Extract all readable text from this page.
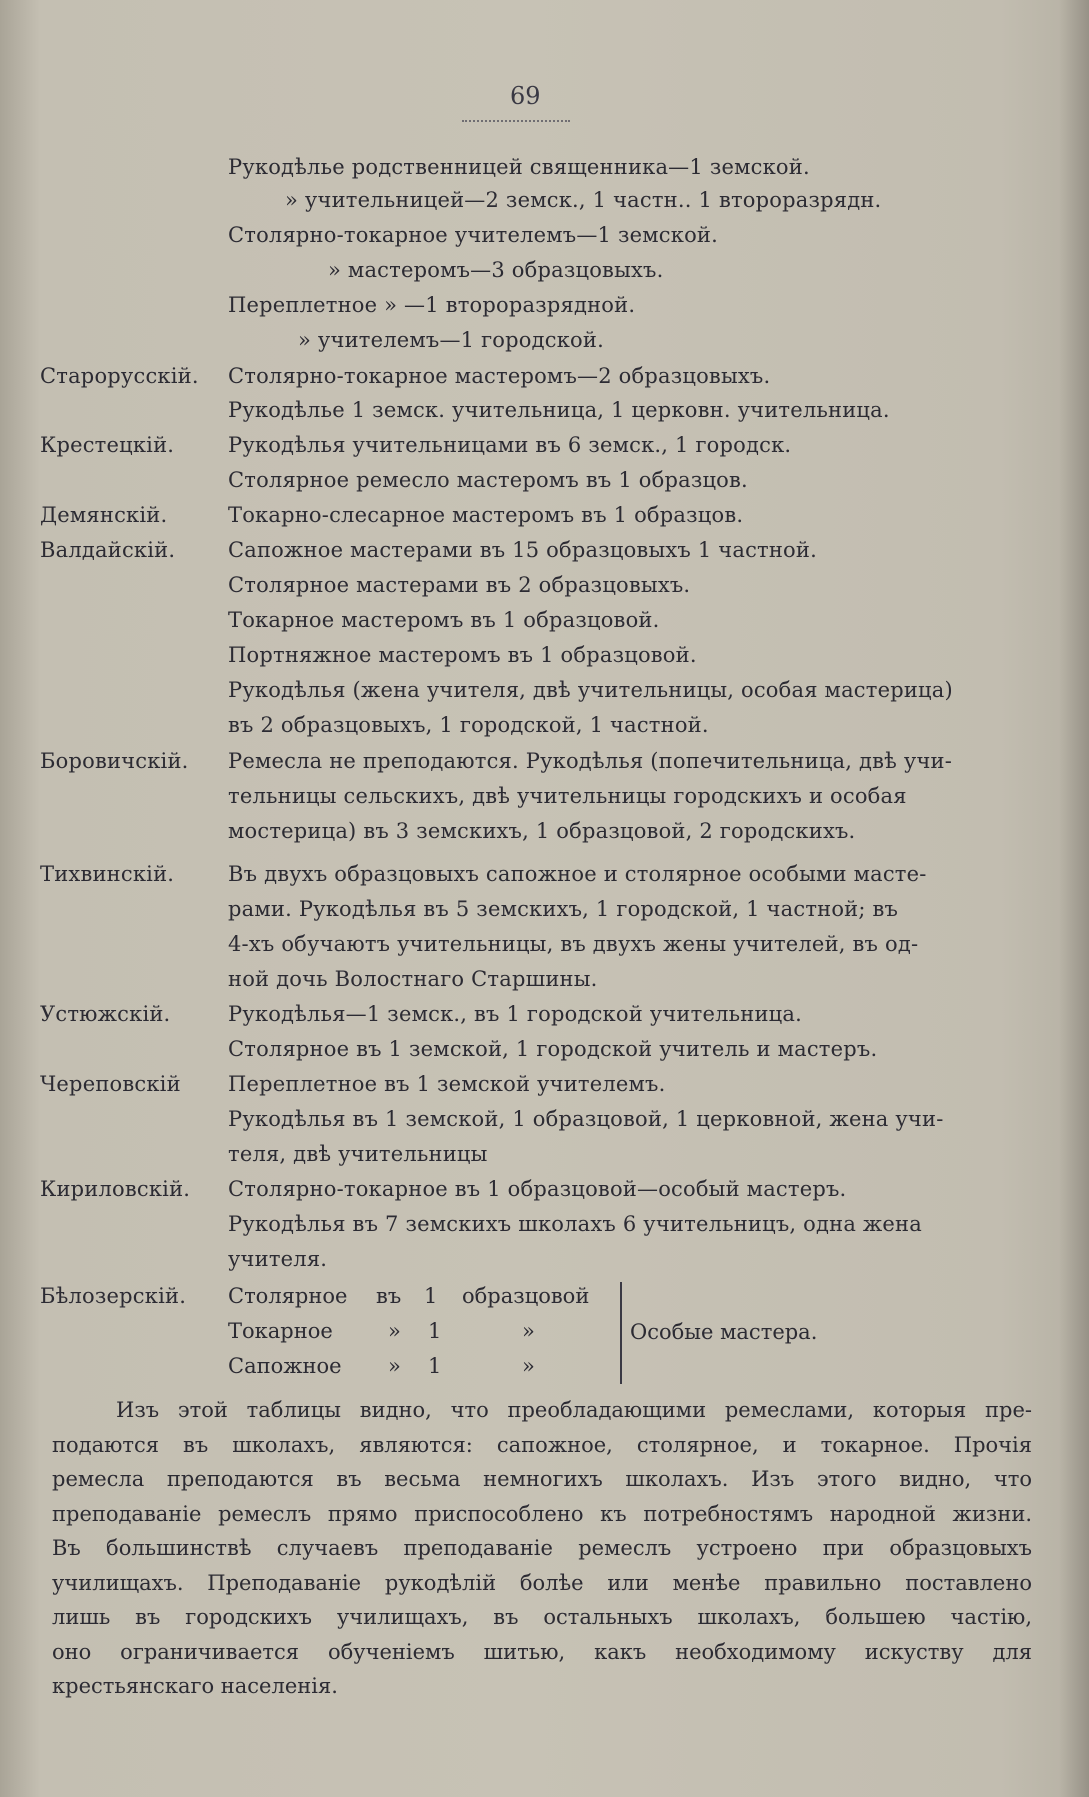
69
Рукодѣлье родственницей священника—1 земской.
» учительницей—2 земск., 1 частн.. 1 второразрядн.
Столярно-токарное учителемъ—1 земской.
» мастеромъ—3 образцовыхъ.
Переплетное » —1 второразрядной.
» учителемъ—1 городской.
Старорусскій. Столярно-токарное мастеромъ—2 образцовыхъ.
Рукодѣлье 1 земск. учительница, 1 церковн. учительница.
Крестецкій.	Рукодѣлья учительницами въ 6 земск., 1 городск.
Столярное ремесло мастеромъ въ 1 образцов.
Демянскій.	Токарно-слесарное мастеромъ въ 1 образцов.
Валдайскій.	Сапожное мастерами въ 15 образцовыхъ 1 частной.
Столярное мастерами въ 2 образцовыхъ.
Токарное мастеромъ въ 1 образцовой.
Портняжное мастеромъ въ 1 образцовой.
Рукодѣлья (жена учителя, двѣ учительницы, особая мастерица)
въ 2 образцовыхъ, 1 городской, 1 частной.
Боровичскій. Ремесла не преподаются. Рукодѣлья (попечительница, двѣ учи-
тельницы сельскихъ, двѣ учительницы городскихъ и особая
мостерица) въ 3 земскихъ, 1 образцовой, 2 городскихъ.
Тихвинскій.	Въ двухъ образцовыхъ сапожное и столярное особыми масте-
рами. Рукодѣлья въ 5 земскихъ, 1 городской, 1 частной; въ
4-хъ обучаютъ учительницы, въ двухъ жены учителей, въ од-
ной дочь Волостнаго Старшины.
Устюжскій.	Рукодѣлья—1 земск., въ 1 городской учительница.
Столярное въ 1 земской, 1 городской учитель и мастеръ.
Череповскій Переплетное въ 1 земской учителемъ.
Рукодѣлья въ 1 земской, 1 образцовой, 1 церковной, жена учи-
теля, двѣ учительницы
Кириловскій. Столярно-токарное въ 1 образцовой—особый мастеръ.
Рукодѣлья въ 7 земскихъ школахъ 6 учительницъ, одна жена
учителя.
Бѣлозерскій. Столярное въ 1 образцовой
Токарное	» 1	»
Сапожное » 1	»
Особые мастера.
Изъ этой таблицы видно, что преобладающими ремеслами, которыя пре-
подаются въ школахъ, являются: сапожное, столярное, и токарное. Прочія
ремесла преподаются въ весьма немногихъ школахъ. Изъ этого видно, что
преподаваніе ремеслъ прямо приспособлено къ потребностямъ народной жизни.
Въ большинствѣ случаевъ преподаваніе ремеслъ устроено при образцовыхъ
училищахъ. Преподаваніе рукодѣлій болѣе или менѣе правильно поставлено
лишь въ городскихъ училищахъ, въ остальныхъ школахъ, большею частію,
оно ограничивается обученіемъ шитью, какъ необходимому искуству для
крестьянскаго населенія.
